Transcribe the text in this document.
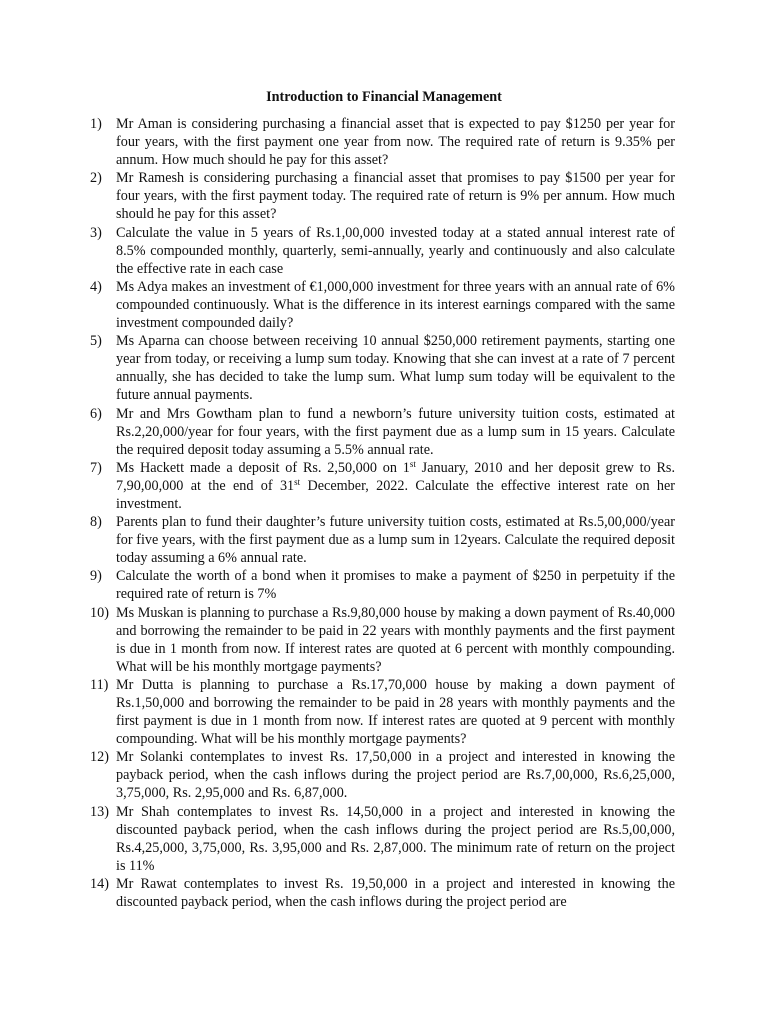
Introduction to Financial Management
1) Mr Aman is considering purchasing a financial asset that is expected to pay $1250 per year for four years, with the first payment one year from now. The required rate of return is 9.35% per annum. How much should he pay for this asset?

2) Mr Ramesh is considering purchasing a financial asset that promises to pay $1500 per year for four years, with the first payment today. The required rate of return is 9% per annum. How much should he pay for this asset?

3) Calculate the value in 5 years of Rs.1,00,000 invested today at a stated annual interest rate of 8.5% compounded monthly, quarterly, semi-annually, yearly and continuously and also calculate the effective rate in each case

4) Ms Adya makes an investment of €1,000,000 investment for three years with an annual rate of 6% compounded continuously. What is the difference in its interest earnings compared with the same investment compounded daily?

5) Ms Aparna can choose between receiving 10 annual $250,000 retirement payments, starting one year from today, or receiving a lump sum today. Knowing that she can invest at a rate of 7 percent annually, she has decided to take the lump sum. What lump sum today will be equivalent to the future annual payments.

6) Mr and Mrs Gowtham plan to fund a newborn’s future university tuition costs, estimated at Rs.2,20,000/year for four years, with the first payment due as a lump sum in 15 years. Calculate the required deposit today assuming a 5.5% annual rate.

7) Ms Hackett made a deposit of Rs. 2,50,000 on 1st January, 2010 and her deposit grew to Rs. 7,90,00,000 at the end of 31st December, 2022. Calculate the effective interest rate on her investment.

8) Parents plan to fund their daughter’s future university tuition costs, estimated at Rs.5,00,000/year for five years, with the first payment due as a lump sum in 12years. Calculate the required deposit today assuming a 6% annual rate.

9) Calculate the worth of a bond when it promises to make a payment of $250 in perpetuity if the required rate of return is 7%

10) Ms Muskan is planning to purchase a Rs.9,80,000 house by making a down payment of Rs.40,000 and borrowing the remainder to be paid in 22 years with monthly payments and the first payment is due in 1 month from now. If interest rates are quoted at 6 percent with monthly compounding. What will be his monthly mortgage payments?

11) Mr Dutta is planning to purchase a Rs.17,70,000 house by making a down payment of Rs.1,50,000 and borrowing the remainder to be paid in 28 years with monthly payments and the first payment is due in 1 month from now. If interest rates are quoted at 9 percent with monthly compounding. What will be his monthly mortgage payments?

12) Mr Solanki contemplates to invest Rs. 17,50,000 in a project and interested in knowing the payback period, when the cash inflows during the project period are Rs.7,00,000, Rs.6,25,000, 3,75,000, Rs. 2,95,000 and Rs. 6,87,000.

13) Mr Shah contemplates to invest Rs. 14,50,000 in a project and interested in knowing the discounted payback period, when the cash inflows during the project period are Rs.5,00,000, Rs.4,25,000, 3,75,000, Rs. 3,95,000 and Rs. 2,87,000. The minimum rate of return on the project is 11%

14) Mr Rawat contemplates to invest Rs. 19,50,000 in a project and interested in knowing the discounted payback period, when the cash inflows during the project period are
